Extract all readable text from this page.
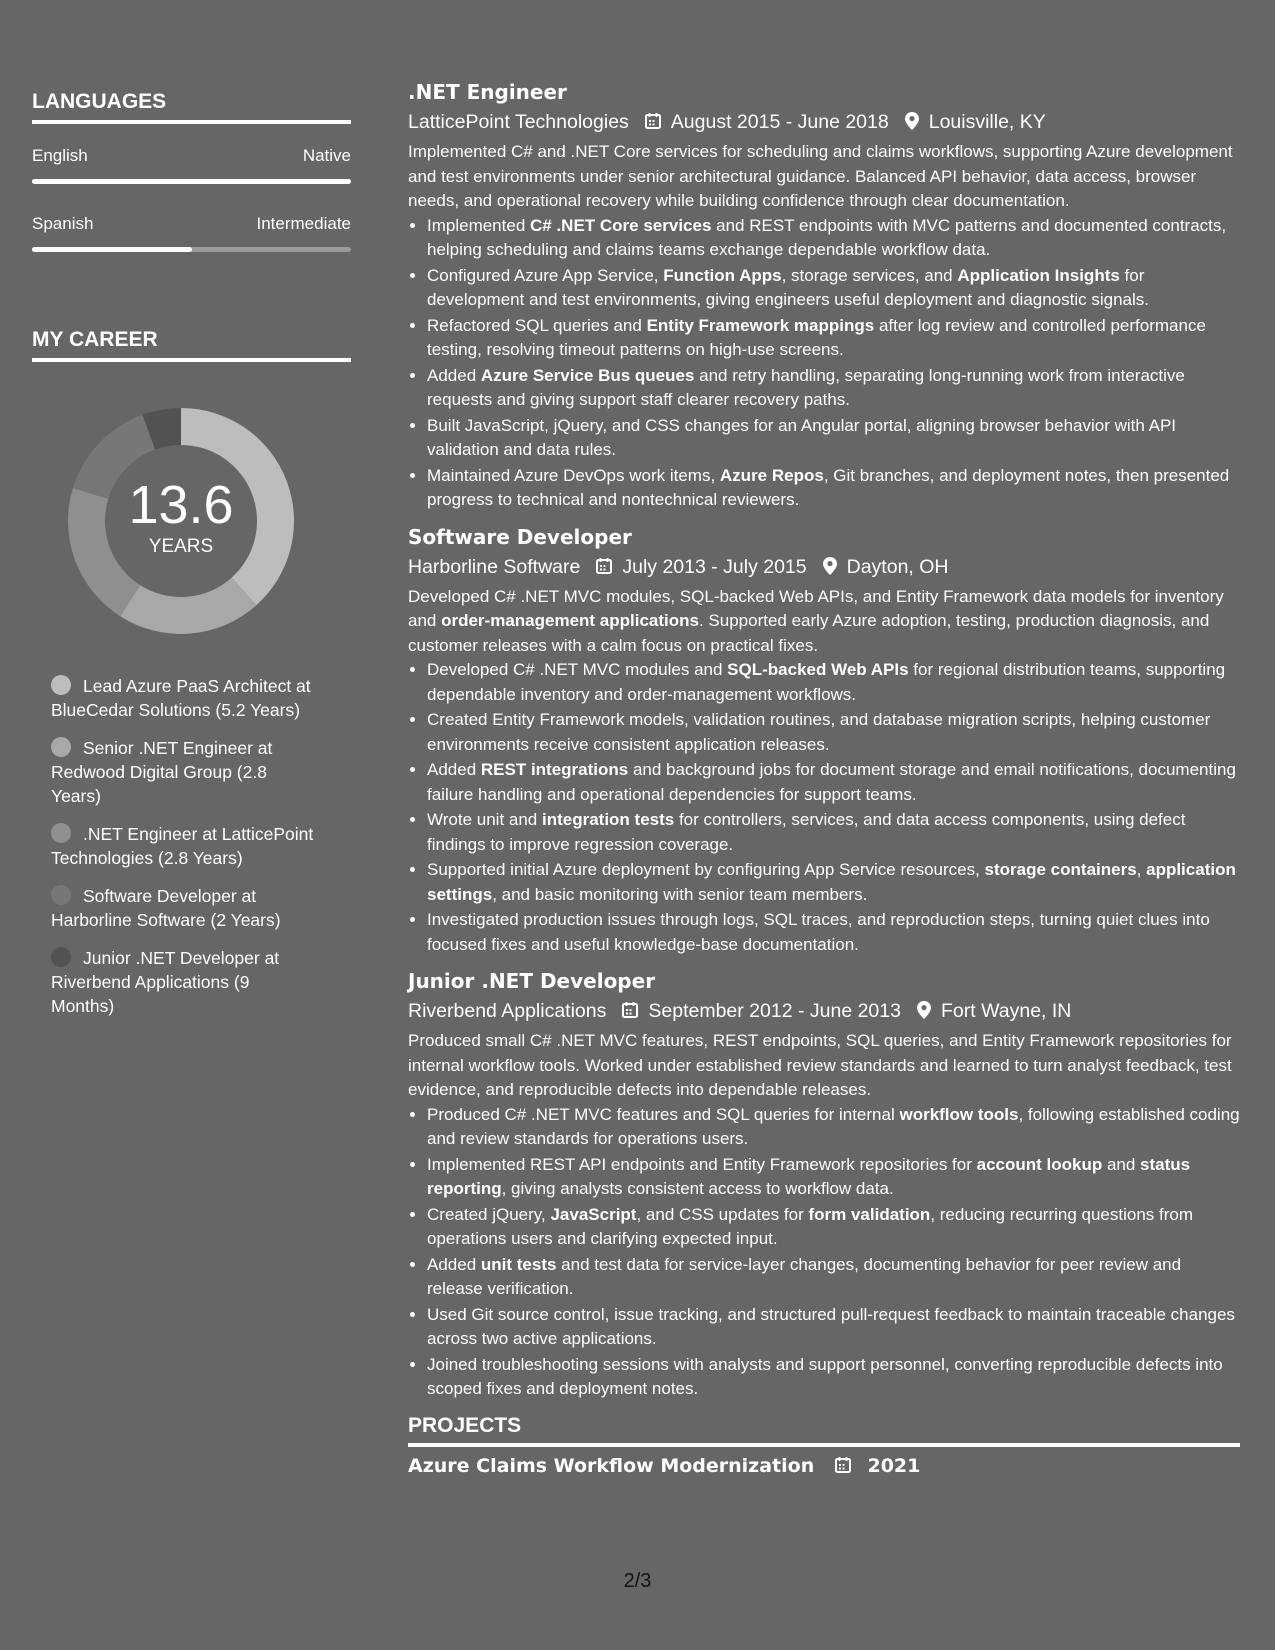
LANGUAGES
English	Native
Spanish	Intermediate
MY CAREER
13.6
YEARS
Lead Azure PaaS Architect at BlueCedar Solutions (5.2 Years)
Senior .NET Engineer at Redwood Digital Group (2.8 Years)
.NET Engineer at LatticePoint Technologies (2.8 Years)
Software Developer at Harborline Software (2 Years)
Junior .NET Developer at Riverbend Applications (9 Months)
.NET Engineer
LatticePoint Technologies August 2015 - June 2018 Louisville, KY
Implemented C# and .NET Core services for scheduling and claims workflows, supporting Azure development and test environments under senior architectural guidance. Balanced API behavior, data access, browser needs, and operational recovery while building confidence through clear documentation.
• Implemented C# .NET Core services and REST endpoints with MVC patterns and documented contracts, helping scheduling and claims teams exchange dependable workflow data.
• Configured Azure App Service, Function Apps, storage services, and Application Insights for development and test environments, giving engineers useful deployment and diagnostic signals.
• Refactored SQL queries and Entity Framework mappings after log review and controlled performance testing, resolving timeout patterns on high-use screens.
• Added Azure Service Bus queues and retry handling, separating long-running work from interactive requests and giving support staff clearer recovery paths.
• Built JavaScript, jQuery, and CSS changes for an Angular portal, aligning browser behavior with API validation and data rules.
• Maintained Azure DevOps work items, Azure Repos, Git branches, and deployment notes, then presented progress to technical and nontechnical reviewers.
Software Developer
Harborline Software July 2013 - July 2015 Dayton, OH
Developed C# .NET MVC modules, SQL-backed Web APIs, and Entity Framework data models for inventory and order-management applications. Supported early Azure adoption, testing, production diagnosis, and customer releases with a calm focus on practical fixes.
• Developed C# .NET MVC modules and SQL-backed Web APIs for regional distribution teams, supporting dependable inventory and order-management workflows.
• Created Entity Framework models, validation routines, and database migration scripts, helping customer environments receive consistent application releases.
• Added REST integrations and background jobs for document storage and email notifications, documenting failure handling and operational dependencies for support teams.
• Wrote unit and integration tests for controllers, services, and data access components, using defect findings to improve regression coverage.
• Supported initial Azure deployment by configuring App Service resources, storage containers, application settings, and basic monitoring with senior team members.
• Investigated production issues through logs, SQL traces, and reproduction steps, turning quiet clues into focused fixes and useful knowledge-base documentation.
Junior .NET Developer
Riverbend Applications September 2012 - June 2013 Fort Wayne, IN
Produced small C# .NET MVC features, REST endpoints, SQL queries, and Entity Framework repositories for internal workflow tools. Worked under established review standards and learned to turn analyst feedback, test evidence, and reproducible defects into dependable releases.
• Produced C# .NET MVC features and SQL queries for internal workflow tools, following established coding and review standards for operations users.
• Implemented REST API endpoints and Entity Framework repositories for account lookup and status reporting, giving analysts consistent access to workflow data.
• Created jQuery, JavaScript, and CSS updates for form validation, reducing recurring questions from operations users and clarifying expected input.
• Added unit tests and test data for service-layer changes, documenting behavior for peer review and release verification.
• Used Git source control, issue tracking, and structured pull-request feedback to maintain traceable changes across two active applications.
• Joined troubleshooting sessions with analysts and support personnel, converting reproducible defects into scoped fixes and deployment notes.
PROJECTS
Azure Claims Workflow Modernization	2021
2/3
